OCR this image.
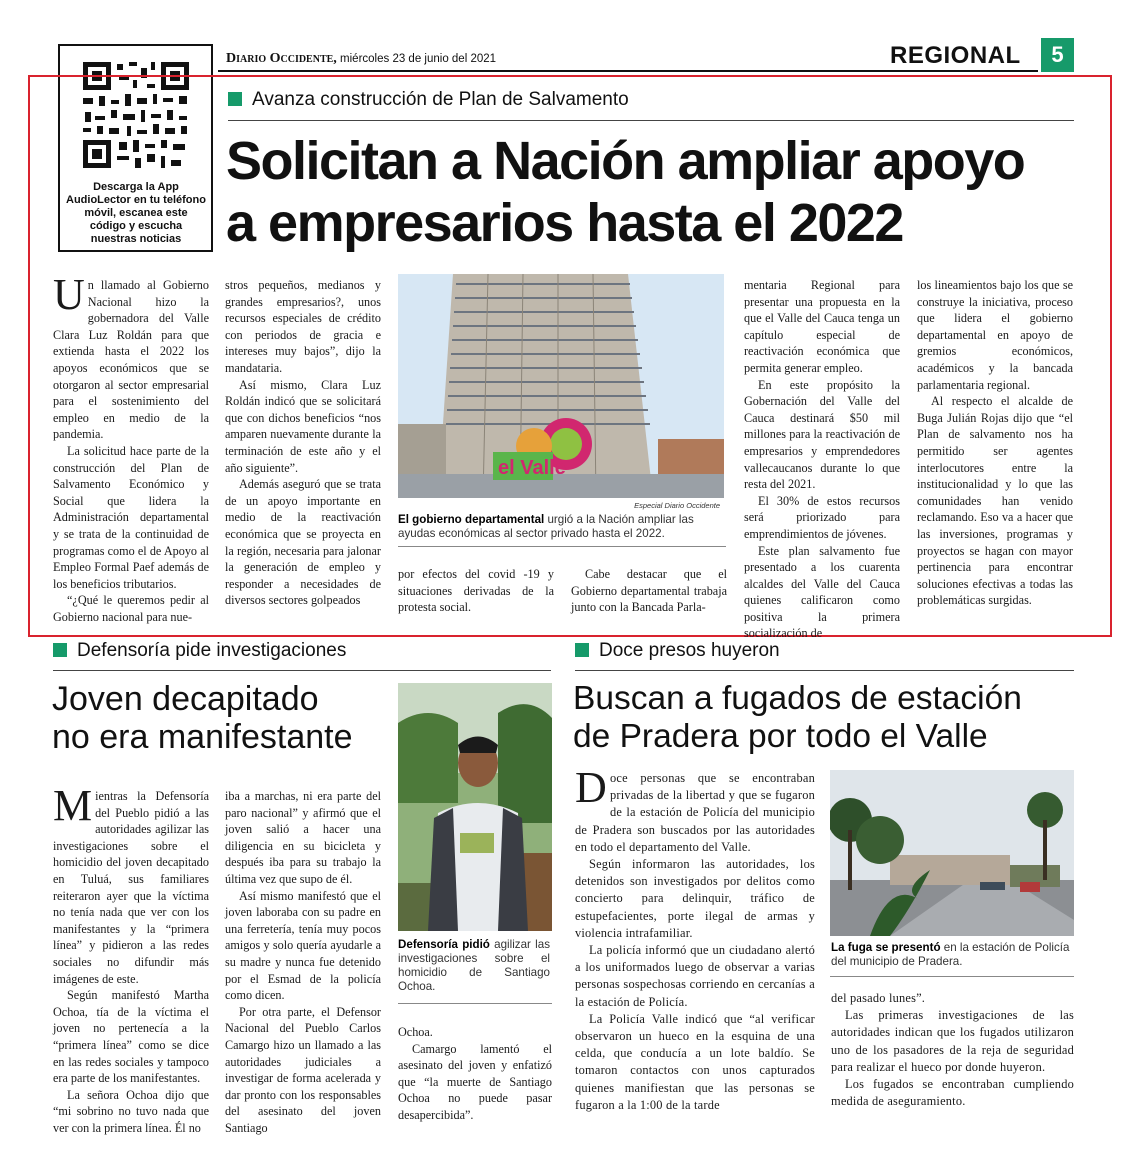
Diario Occidente, miércoles 23 de junio del 2021	REGIONAL	5
Descarga la App AudioLector en tu teléfono móvil, escanea este código y escucha nuestras noticias
Avanza construcción de Plan de Salvamento
Solicitan a Nación ampliar apoyo
a empresarios hasta el 2022

Un llamado al Gobierno Nacional hizo la gobernadora del Valle Clara Luz Roldán para que extienda hasta el 2022 los apoyos económicos que se otorgaron al sector empresarial para el sostenimiento del empleo en medio de la pandemia.

La solicitud hace parte de la construcción del Plan de Salvamento Económico y Social que lidera la Administración departamental y se trata de la continuidad de programas como el de Apoyo al Empleo Formal Paef además de los beneficios tributarios.

“¿Qué le queremos pedir al Gobierno nacional para nue-

stros pequeños, medianos y grandes empresarios?, unos recursos especiales de crédito con periodos de gracia e intereses muy bajos”, dijo la mandataria.

Así mismo, Clara Luz Roldán indicó que se solicitará que con dichos beneficios “nos amparen nuevamente durante la terminación de este año y el año siguiente”.

Además aseguró que se trata de un apoyo importante en medio de la reactivación económica que se proyecta en la región, necesaria para jalonar la generación de empleo y responder a necesidades de diversos sectores golpeados

el Valle
Especial Diario Occidente
El gobierno departamental urgió a la Nación ampliar las ayudas económicas al sector privado hasta el 2022.

por efectos del covid -19 y situaciones derivadas de la protesta social.

Cabe destacar que el Gobierno departamental trabaja junto con la Bancada Parla-

mentaria Regional para presentar una propuesta en la que el Valle del Cauca tenga un capítulo especial de reactivación económica que permita generar empleo.

En este propósito la Gobernación del Valle del Cauca destinará $50 mil millones para la reactivación de empresarios y emprendedores vallecaucanos durante lo que resta del 2021.

El 30% de estos recursos será priorizado para emprendimientos de jóvenes.

Este plan salvamento fue presentado a los cuarenta alcaldes del Valle del Cauca quienes calificaron como positiva la primera socialización de

los lineamientos bajo los que se construye la iniciativa, proceso que lidera el gobierno departamental en apoyo de gremios económicos, académicos y la bancada parlamentaria regional.

Al respecto el alcalde de Buga Julián Rojas dijo que “el Plan de salvamento nos ha permitido ser agentes interlocutores entre la institucionalidad y lo que las comunidades han venido reclamando. Eso va a hacer que las inversiones, programas y proyectos se hagan con mayor pertinencia para encontrar soluciones efectivas a todas las problemáticas surgidas.

Defensoría pide investigaciones
Joven decapitado
no era manifestante

Mientras la Defensoría del Pueblo pidió a las autoridades agilizar las investigaciones sobre el homicidio del joven decapitado en Tuluá, sus familiares reiteraron ayer que la víctima no tenía nada que ver con los manifestantes y la “primera línea” y pidieron a las redes sociales no difundir más imágenes de este.

Según manifestó Martha Ochoa, tía de la víctima el joven no pertenecía a la “primera línea” como se dice en las redes sociales y tampoco era parte de los manifestantes.

La señora Ochoa dijo que “mi sobrino no tuvo nada que ver con la primera línea. Él no

iba a marchas, ni era parte del paro nacional” y afirmó que el joven salió a hacer una diligencia en su bicicleta y después iba para su trabajo la última vez que supo de él.

Así mismo manifestó que el joven laboraba con su padre en una ferretería, tenía muy pocos amigos y solo quería ayudarle a su madre y nunca fue detenido por el Esmad de la policía como dicen.

Por otra parte, el Defensor Nacional del Pueblo Carlos Camargo hizo un llamado a las autoridades judiciales a investigar de forma acelerada y dar pronto con los responsables del asesinato del joven Santiago

Defensoría pidió agilizar las investigaciones sobre el homicidio de Santiago Ochoa.

Ochoa.

Camargo lamentó el asesinato del joven y enfatizó que “la muerte de Santiago Ochoa no puede pasar desapercibida”.

Doce presos huyeron
Buscan a fugados de estación
de Pradera por todo el Valle

Doce personas que se encontraban privadas de la libertad y que se fugaron de la estación de Policía del municipio de Pradera son buscados por las autoridades en todo el departamento del Valle.

Según informaron las autoridades, los detenidos son investigados por delitos como concierto para delinquir, tráfico de estupefacientes, porte ilegal de armas y violencia intrafamiliar.

La policía informó que un ciudadano alertó a los uniformados luego de observar a varias personas sospechosas corriendo en cercanías a la estación de Policía.

La Policía Valle indicó que “al verificar observaron un hueco en la esquina de una celda, que conducía a un lote baldío. Se tomaron contactos con unos capturados quienes manifiestan que las personas se fugaron a la 1:00 de la tarde

La fuga se presentó en la estación de Policía del municipio de Pradera.

del pasado lunes”.

Las primeras investigaciones de las autoridades indican que los fugados utilizaron uno de los pasadores de la reja de seguridad para realizar el hueco por donde huyeron.

Los fugados se encontraban cumpliendo medida de aseguramiento.
